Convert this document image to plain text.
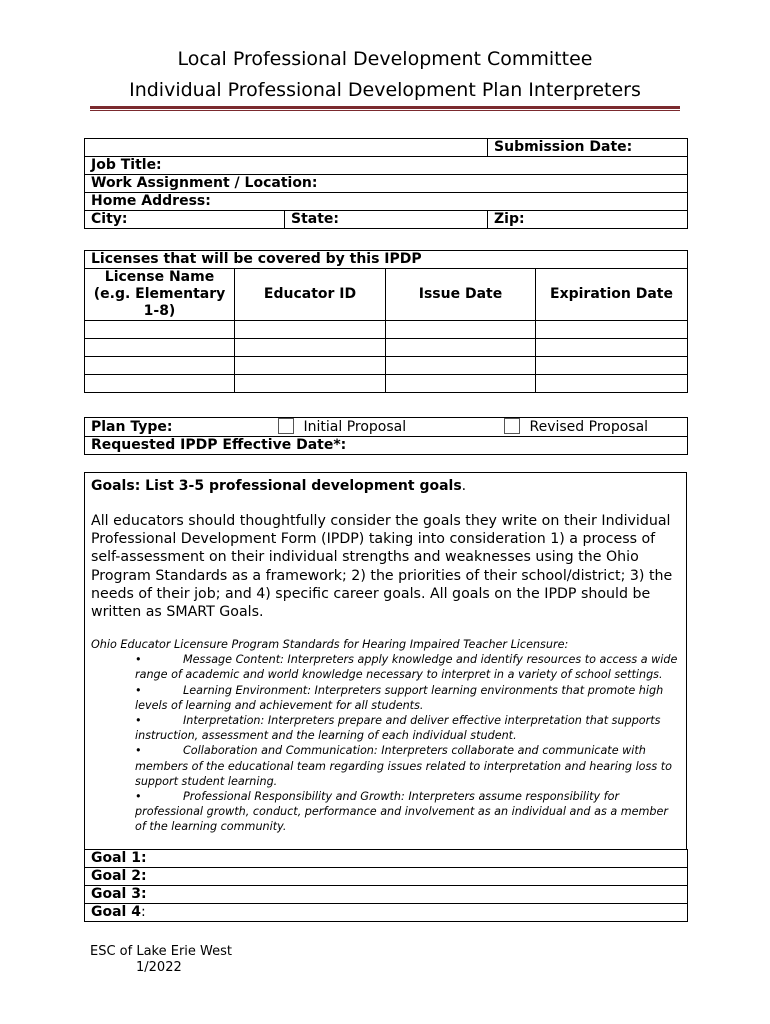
Local Professional Development Committee
Individual Professional Development Plan Interpreters
		Submission Date:
Job Title:		
Work Assignment / Location:		
Home Address:		
City:	State:	Zip:
Licenses that will be covered by this IPDP			
License Name (e.g. Elementary 1-8)	Educator ID	Issue Date	Expiration Date

Plan Type:	Initial Proposal	Revised Proposal
Requested IPDP Effective Date*:
Goals: List 3-5 professional development goals.
All educators should thoughtfully consider the goals they write on their Individual Professional Development Form (IPDP) taking into consideration 1) a process of self-assessment on their individual strengths and weaknesses using the Ohio Program Standards as a framework; 2) the priorities of their school/district; 3) the needs of their job; and 4) specific career goals. All goals on the IPDP should be written as SMART Goals.
Ohio Educator Licensure Program Standards for Hearing Impaired Teacher Licensure:
•	Message Content: Interpreters apply knowledge and identify resources to access a wide range of academic and world knowledge necessary to interpret in a variety of school settings.
•	Learning Environment: Interpreters support learning environments that promote high levels of learning and achievement for all students.
•	Interpretation: Interpreters prepare and deliver effective interpretation that supports instruction, assessment and the learning of each individual student.
•	Collaboration and Communication: Interpreters collaborate and communicate with members of the educational team regarding issues related to interpretation and hearing loss to support student learning.
•	Professional Responsibility and Growth: Interpreters assume responsibility for professional growth, conduct, performance and involvement as an individual and as a member of the learning community.
Goal 1:
Goal 2:
Goal 3:
Goal 4:
ESC of Lake Erie West
1/2022
